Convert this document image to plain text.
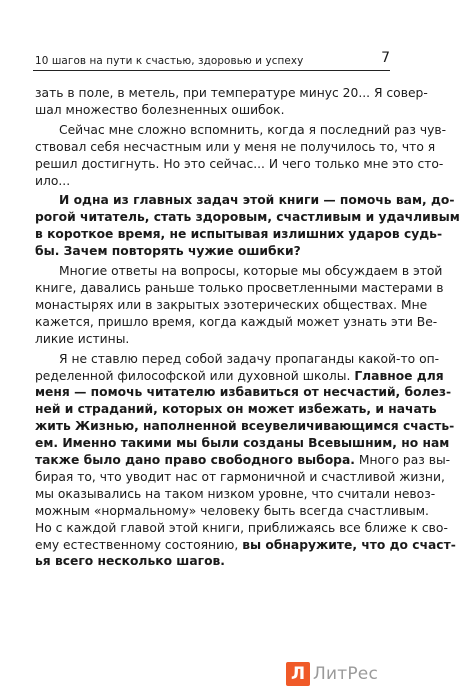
10 шагов на пути к счастью, здоровью и успеху	7

зать в поле, в метель, при температуре минус 20... Я совер-
шал множество болезненных ошибок.

Сейчас мне сложно вспомнить, когда я последний раз чув-
ствовал себя несчастным или у меня не получилось то, что я
решил достигнуть. Но это сейчас... И чего только мне это сто-
ило...

И одна из главных задач этой книги — помочь вам, до-
рогой читатель, стать здоровым, счастливым и удачливым
в короткое время, не испытывая излишних ударов судь-
бы. Зачем повторять чужие ошибки?

Многие ответы на вопросы, которые мы обсуждаем в этой
книге, давались раньше только просветленными мастерами в
монастырях или в закрытых эзотерических обществах. Мне
кажется, пришло время, когда каждый может узнать эти Ве-
ликие истины.

Я не ставлю перед собой задачу пропаганды какой-то оп-
ределенной философской или духовной школы. Главное для
меня — помочь читателю избавиться от несчастий, болез-
ней и страданий, которых он может избежать, и начать
жить Жизнью, наполненной всеувеличивающимся счасть-
ем. Именно такими мы были созданы Всевышним, но нам
также было дано право свободного выбора. Много раз вы-
бирая то, что уводит нас от гармоничной и счастливой жизни,
мы оказывались на таком низком уровне, что считали невоз-
можным «нормальному» человеку быть всегда счастливым.
Но с каждой главой этой книги, приближаясь все ближе к сво-
ему естественному состоянию, вы обнаружите, что до счаст-
ья всего несколько шагов.

Л ЛитРес
